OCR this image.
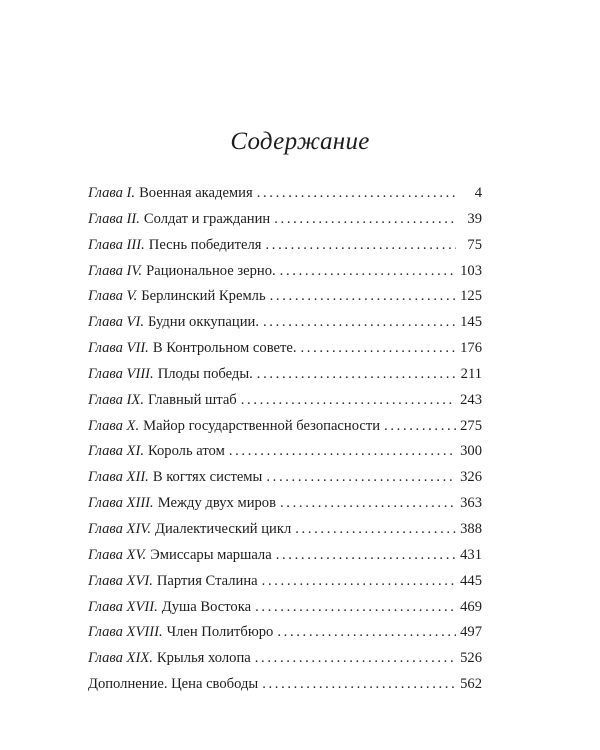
Содержание
Глава I. Военная академия . . .	4
Глава II. Солдат и гражданин . . .	39
Глава III. Песнь победителя . . .	75
Глава IV. Рациональное зерно. . . .	103
Глава V. Берлинский Кремль . . .	125
Глава VI. Будни оккупации. . . .	145
Глава VII. В Контрольном совете. . . .	176
Глава VIII. Плоды победы. . . .	211
Глава IX. Главный штаб . . .	243
Глава X. Майор государственной безопасности . . .	275
Глава XI. Король атом . . .	300
Глава XII. В когтях системы . . .	326
Глава XIII. Между двух миров . . .	363
Глава XIV. Диалектический цикл . . .	388
Глава XV. Эмиссары маршала . . .	431
Глава XVI. Партия Сталина . . .	445
Глава XVII. Душа Востока . . .	469
Глава XVIII. Член Политбюро . . .	497
Глава XIX. Крылья холопа . . .	526
Дополнение. Цена свободы . . .	562
